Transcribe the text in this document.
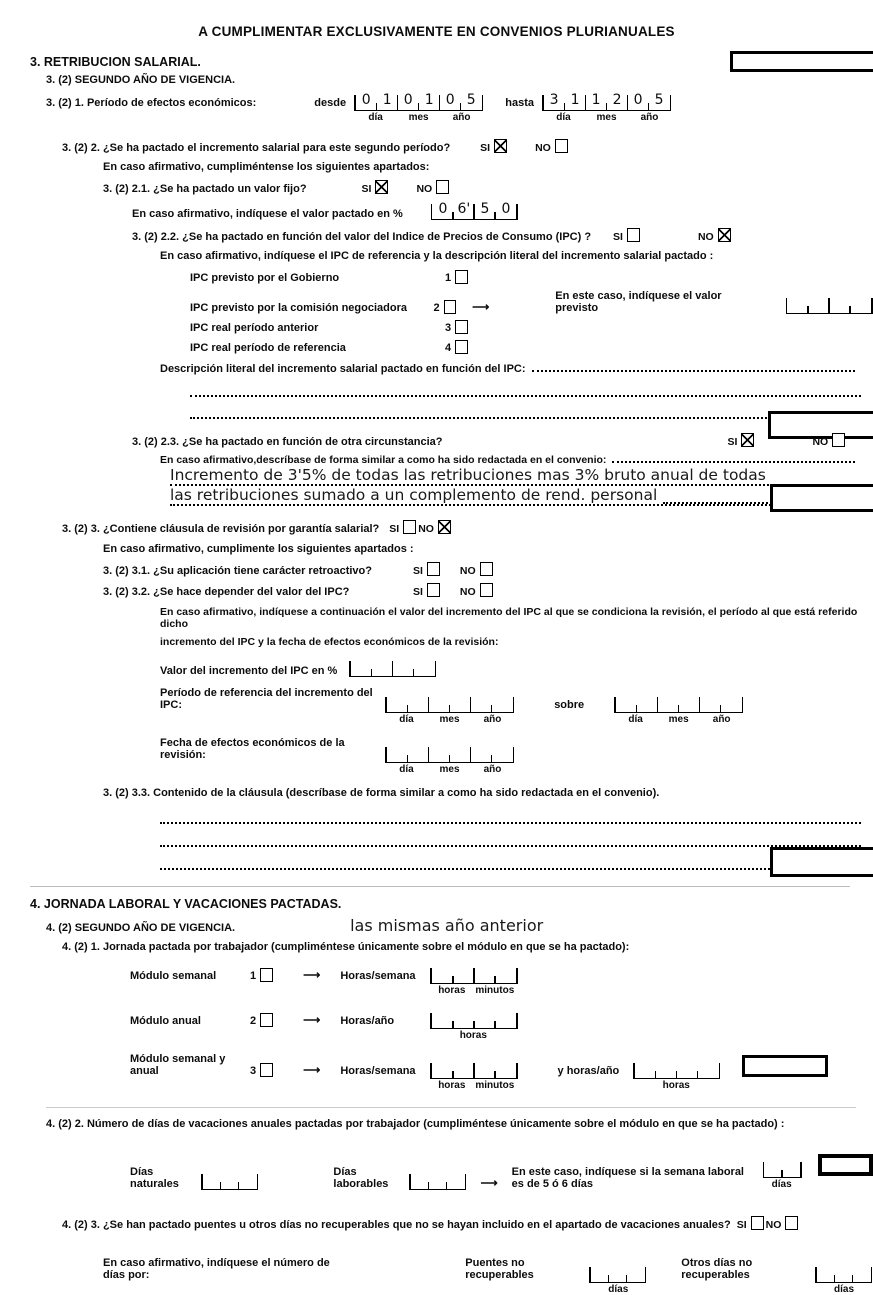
A CUMPLIMENTAR EXCLUSIVAMENTE EN CONVENIOS PLURIANUALES
3. RETRIBUCION SALARIAL.
3. (2) SEGUNDO AÑO DE VIGENCIA.
3. (2) 1. Período de efectos económicos:	desde	0 1 0 1 0 5
día	mes	año
hasta	3 1 1 2 0 5
día	mes	año
3. (2) 2. ¿Se ha pactado el incremento salarial para este segundo período?	SI	NO
En caso afirmativo, cumpliméntense los siguientes apartados:
3. (2) 2.1. ¿Se ha pactado un valor fijo?	SI	NO
En caso afirmativo, indíquese el valor pactado en %	0 6' 5 0
3. (2) 2.2. ¿Se ha pactado en función del valor del Indice de Precios de Consumo (IPC) ? SI	NO
En caso afirmativo, indíquese el IPC de referencia y la descripción literal del incremento salarial pactado :
IPC previsto por el Gobierno	1
IPC previsto por la comisión negociadora	2	⟶
En este caso, indíquese el valor previsto
IPC real período anterior	3
IPC real período de referencia	4
Descripción literal del incremento salarial pactado en función del IPC:
3. (2) 2.3. ¿Se ha pactado en función de otra circunstancia?	SI	NO
En caso afirmativo,descríbase de forma similar a como ha sido redactada en el convenio:
Incremento de 3'5% de todas las retribuciones mas 3% bruto anual de todas
las retribuciones sumado a un complemento de rend. personal
3. (2) 3. ¿Contiene cláusula de revisión por garantía salarial? SI NO
En caso afirmativo, cumplimente los siguientes apartados :
3. (2) 3.1. ¿Su aplicación tiene carácter retroactivo?	SI	NO
3. (2) 3.2. ¿Se hace depender del valor del IPC?	SI	NO
En caso afirmativo, indíquese a continuación el valor del incremento del IPC al que se condiciona la revisión, el período al que está referido dicho
incremento del IPC y la fecha de efectos económicos de la revisión:
Valor del incremento del IPC en %
Período de referencia del incremento del IPC:
día	mes	año
sobre
día	mes	año
Fecha de efectos económicos de la revisión:
día	mes	año
3. (2) 3.3. Contenido de la cláusula (descríbase de forma similar a como ha sido redactada en el convenio).
4. JORNADA LABORAL Y VACACIONES PACTADAS.
4. (2) SEGUNDO AÑO DE VIGENCIA.	las mismas año anterior
4. (2) 1. Jornada pactada por trabajador (cumpliméntese únicamente sobre el módulo en que se ha pactado):
Módulo semanal	1	⟶	Horas/semana
horas minutos
Módulo anual	2	⟶	Horas/año
horas
Módulo semanal y anual	3	⟶	Horas/semana
horas minutos
y horas/año
horas
4. (2) 2. Número de días de vacaciones anuales pactadas por trabajador (cumpliméntese únicamente sobre el módulo en que se ha pactado) :
Días naturales
Días laborables	⟶
En este caso, indíquese si la semana laboral es de 5 ó 6 días	días
4. (2) 3. ¿Se han pactado puentes u otros días no recuperables que no se hayan incluido en el apartado de vacaciones anuales? SI NO
En caso afirmativo, indíquese el número de días por:
Puentes no recuperables
días
Otros días no recuperables
días
